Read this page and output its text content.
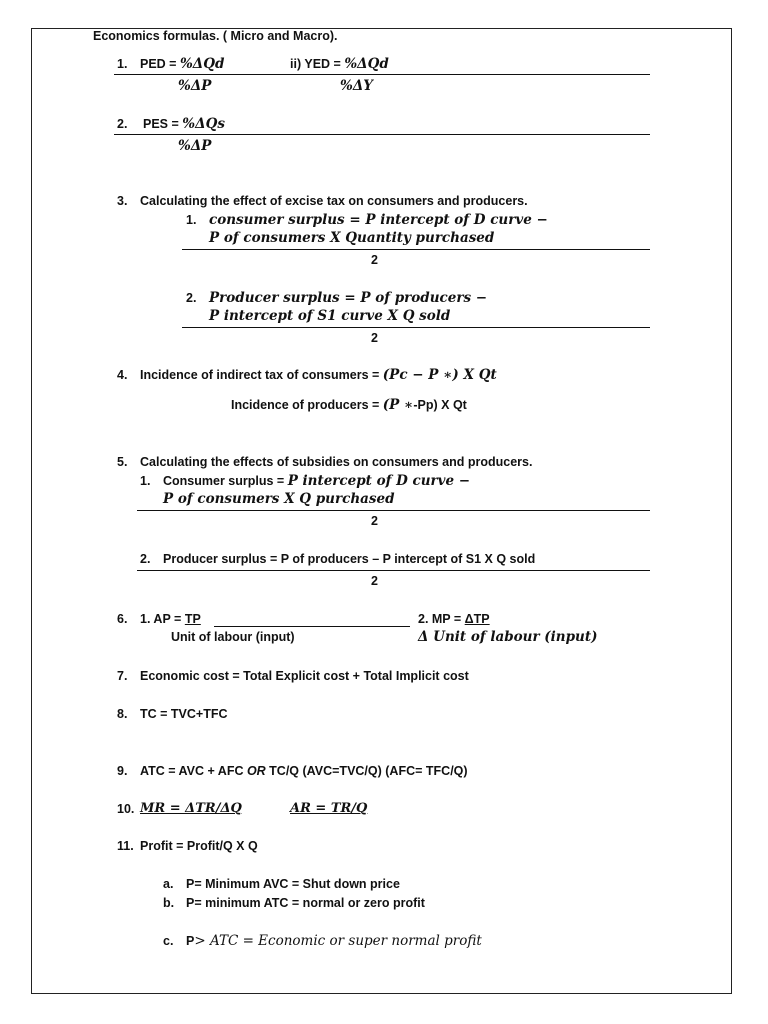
Economics formulas. ( Micro and Macro).
1. PED = %ΔQd	ii) YED = %ΔQd
%ΔP	%ΔY
2. PES = %ΔQs
%ΔP
3. Calculating the effect of excise tax on consumers and producers.
1. consumer surplus = P intercept of D curve −
P of consumers X Quantity purchased
2
2. Producer surplus = P of producers −
P intercept of S1 curve X Q sold
2
4. Incidence of indirect tax of consumers = (Pc − P ∗) X Qt
Incidence of producers = (P ∗-Pp) X Qt
5. Calculating the effects of subsidies on consumers and producers.
1. Consumer surplus = P intercept of D curve −
P of consumers X Q purchased
2
2. Producer surplus = P of producers – P intercept of S1 X Q sold
2
6. 1. AP = TP	2. MP = ΔTP
Unit of labour (input)	Δ Unit of labour (input)
7. Economic cost = Total Explicit cost + Total Implicit cost
8. TC = TVC+TFC
9. ATC = AVC + AFC OR TC/Q (AVC=TVC/Q) (AFC= TFC/Q)
10. MR = ΔTR/ΔQ	AR = TR/Q
11. Profit = Profit/Q X Q
a. P= Minimum AVC = Shut down price
b. P= minimum ATC = normal or zero profit
c. P> ATC = Economic or super normal profit
